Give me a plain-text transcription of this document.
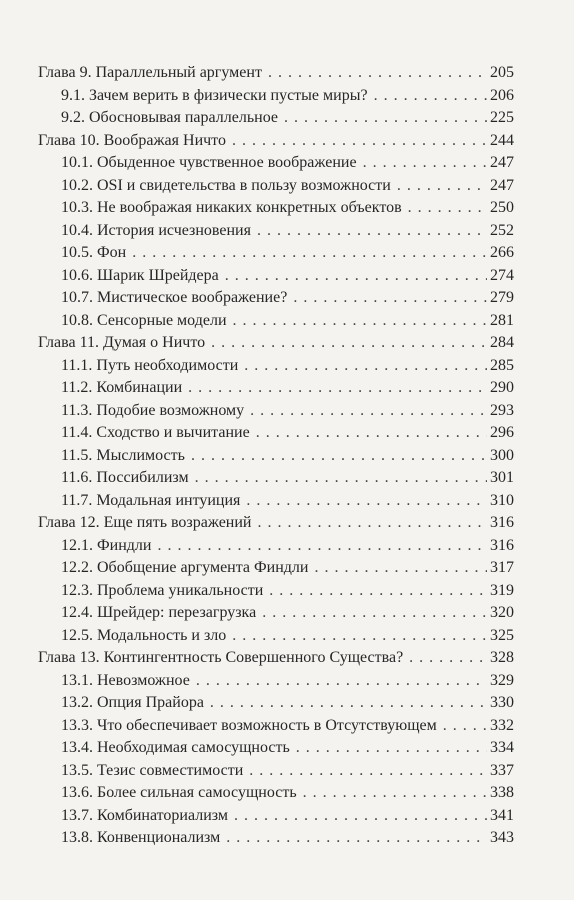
Глава 9. Параллельный аргумент . . .	205
9.1. Зачем верить в физически пустые миры? . . .	206
9.2. Обосновывая параллельное . . .	225
Глава 10. Воображая Ничто . . .	244
10.1. Обыденное чувственное воображение . . .	247
10.2. OSI и свидетельства в пользу возможности . . .	247
10.3. Не воображая никаких конкретных объектов . . .	250
10.4. История исчезновения . . .	252
10.5. Фон . . .	266
10.6. Шарик Шрейдера . . .	274
10.7. Мистическое воображение? . . .	279
10.8. Сенсорные модели . . .	281
Глава 11. Думая о Ничто . . .	284
11.1. Путь необходимости . . .	285
11.2. Комбинации . . .	290
11.3. Подобие возможному . . .	293
11.4. Сходство и вычитание . . .	296
11.5. Мыслимость . . .	300
11.6. Поссибилизм . . .	301
11.7. Модальная интуиция . . .	310
Глава 12. Еще пять возражений . . .	316
12.1. Финдли . . .	316
12.2. Обобщение аргумента Финдли . . .	317
12.3. Проблема уникальности . . .	319
12.4. Шрейдер: перезагрузка . . .	320
12.5. Модальность и зло . . .	325
Глава 13. Контингентность Совершенного Существа? . . .	328
13.1. Невозможное . . .	329
13.2. Опция Прайора . . .	330
13.3. Что обеспечивает возможность в Отсутствующем . . .	332
13.4. Необходимая самосущность . . .	334
13.5. Тезис совместимости . . .	337
13.6. Более сильная самосущность . . .	338
13.7. Комбинаториализм . . .	341
13.8. Конвенционализм . . .	343
